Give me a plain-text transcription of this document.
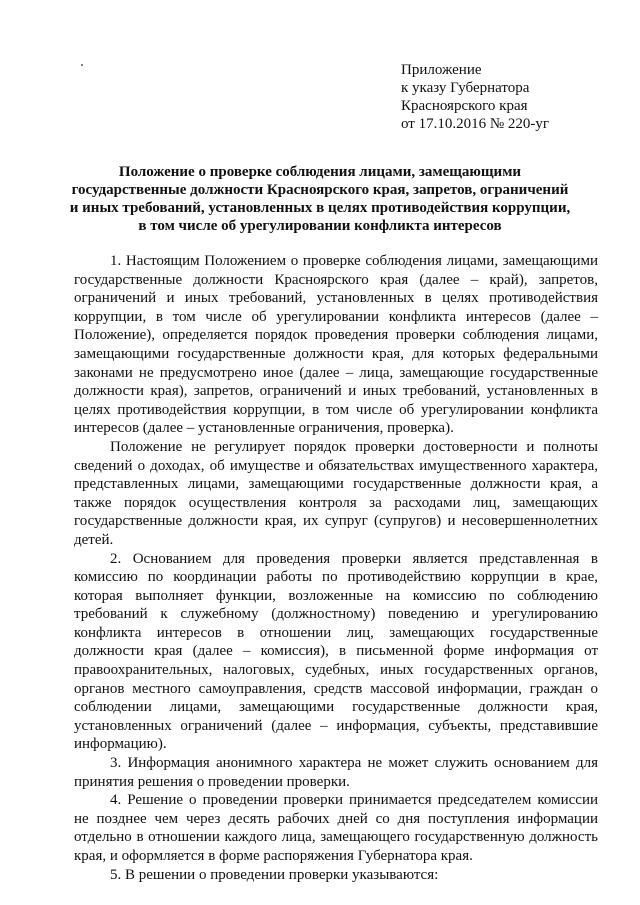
Приложение
к указу Губернатора
Красноярского края
от 17.10.2016 № 220-уг
Положение о проверке соблюдения лицами, замещающими
государственные должности Красноярского края, запретов, ограничений
и иных требований, установленных в целях противодействия коррупции,
в том числе об урегулировании конфликта интересов

1. Настоящим Положением о проверке соблюдения лицами, замещающими государственные должности Красноярского края (далее – край), запретов, ограничений и иных требований, установленных в целях противодействия коррупции, в том числе об урегулировании конфликта интересов (далее – Положение), определяется порядок проведения проверки соблюдения лицами, замещающими государственные должности края, для которых федеральными законами не предусмотрено иное (далее – лица, замещающие государственные должности края), запретов, ограничений и иных требований, установленных в целях противодействия коррупции, в том числе об урегулировании конфликта интересов (далее – установленные ограничения, проверка).

Положение не регулирует порядок проверки достоверности и полноты сведений о доходах, об имуществе и обязательствах имущественного характера, представленных лицами, замещающими государственные должности края, а также порядок осуществления контроля за расходами лиц, замещающих государственные должности края, их супруг (супругов) и несовершеннолетних детей.

2. Основанием для проведения проверки является представленная в комиссию по координации работы по противодействию коррупции в крае, которая выполняет функции, возложенные на комиссию по соблюдению требований к служебному (должностному) поведению и урегулированию конфликта интересов в отношении лиц, замещающих государственные должности края (далее – комиссия), в письменной форме информация от правоохранительных, налоговых, судебных, иных государственных органов, органов местного самоуправления, средств массовой информации, граждан о соблюдении лицами, замещающими государственные должности края, установленных ограничений (далее – информация, субъекты, представившие информацию).

3. Информация анонимного характера не может служить основанием для принятия решения о проведении проверки.

4. Решение о проведении проверки принимается председателем комиссии не позднее чем через десять рабочих дней со дня поступления информации отдельно в отношении каждого лица, замещающего государственную должность края, и оформляется в форме распоряжения Губернатора края.

5. В решении о проведении проверки указываются:
